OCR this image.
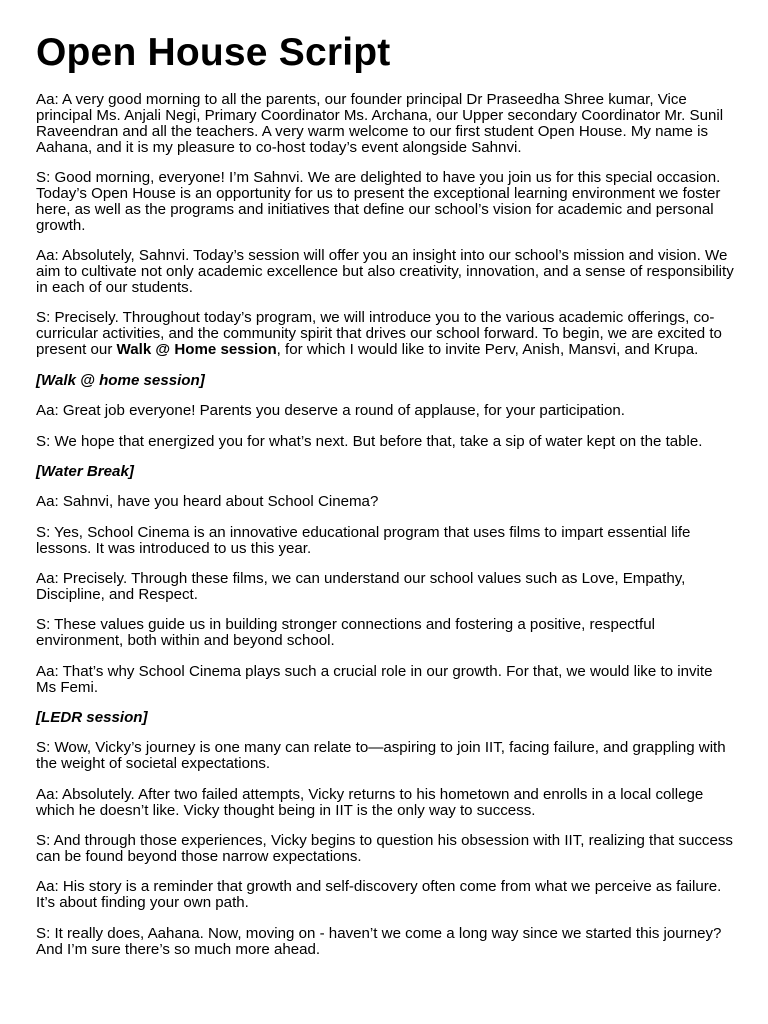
Open House Script

Aa: A very good morning to all the parents, our founder principal Dr Praseedha Shree kumar, Vice principal Ms. Anjali Negi, Primary Coordinator Ms. Archana, our Upper secondary Coordinator Mr. Sunil Raveendran and all the teachers. A very warm welcome to our first student Open House. My name is Aahana, and it is my pleasure to co-host today’s event alongside Sahnvi.

S: Good morning, everyone! I’m Sahnvi. We are delighted to have you join us for this special occasion. Today’s Open House is an opportunity for us to present the exceptional learning environment we foster here, as well as the programs and initiatives that define our school’s vision for academic and personal growth.

Aa: Absolutely, Sahnvi. Today’s session will offer you an insight into our school’s mission and vision. We aim to cultivate not only academic excellence but also creativity, innovation, and a sense of responsibility in each of our students.

S: Precisely. Throughout today’s program, we will introduce you to the various academic offerings, co-curricular activities, and the community spirit that drives our school forward. To begin, we are excited to present our Walk @ Home session, for which I would like to invite Perv, Anish, Mansvi, and Krupa.

[Walk @ home session]

Aa: Great job everyone! Parents you deserve a round of applause, for your participation.

S: We hope that energized you for what’s next. But before that, take a sip of water kept on the table.

[Water Break]

Aa: Sahnvi, have you heard about School Cinema?

S: Yes, School Cinema is an innovative educational program that uses films to impart essential life lessons. It was introduced to us this year.

Aa: Precisely. Through these films, we can understand our school values such as Love, Empathy, Discipline, and Respect.

S: These values guide us in building stronger connections and fostering a positive, respectful environment, both within and beyond school.

Aa: That’s why School Cinema plays such a crucial role in our growth. For that, we would like to invite Ms Femi.

[LEDR session]

S: Wow, Vicky’s journey is one many can relate to—aspiring to join IIT, facing failure, and grappling with the weight of societal expectations.

Aa: Absolutely. After two failed attempts, Vicky returns to his hometown and enrolls in a local college which he doesn’t like. Vicky thought being in IIT is the only way to success.

S: And through those experiences, Vicky begins to question his obsession with IIT, realizing that success can be found beyond those narrow expectations.

Aa: His story is a reminder that growth and self-discovery often come from what we perceive as failure. It’s about finding your own path.

S: It really does, Aahana. Now, moving on - haven’t we come a long way since we started this journey? And I’m sure there’s so much more ahead.
